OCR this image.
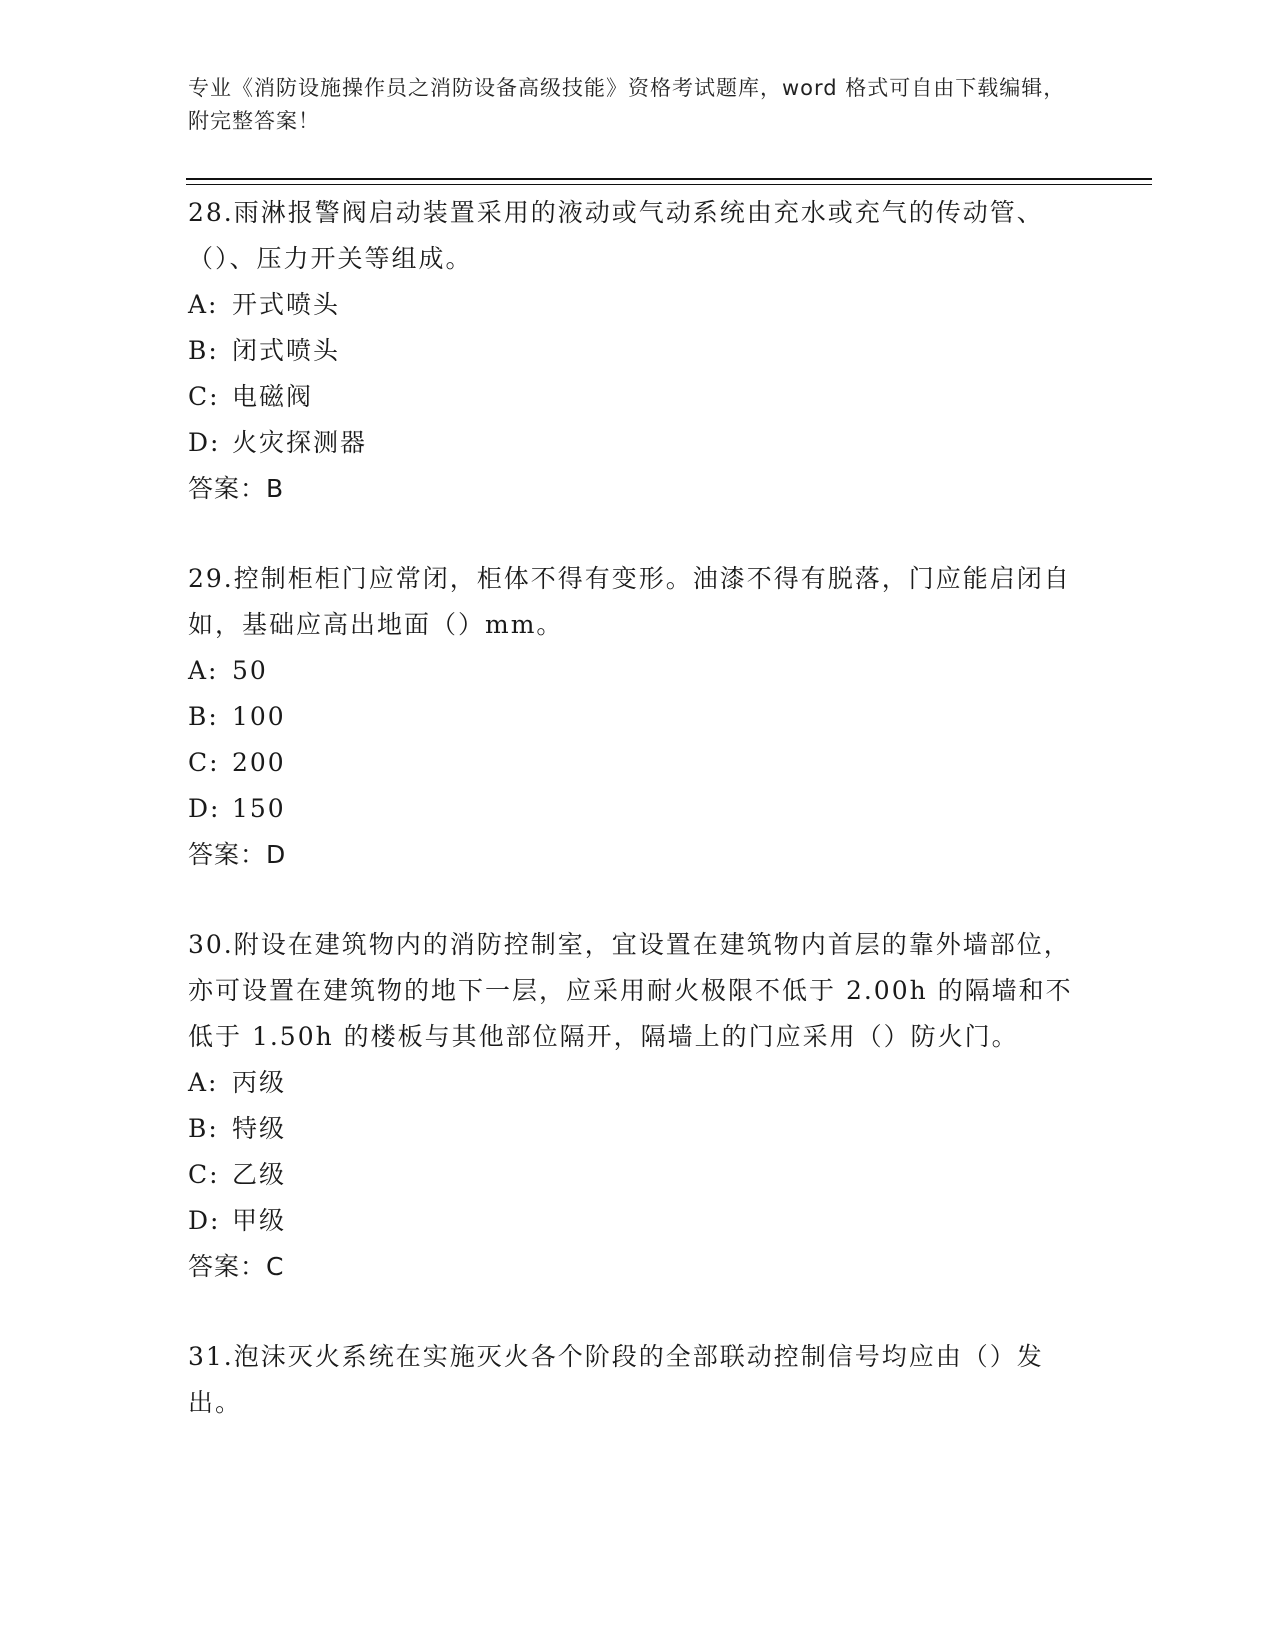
专业《消防设施操作员之消防设备高级技能》资格考试题库，word 格式可自由下载编辑，附完整答案！

28.雨淋报警阀启动装置采用的液动或气动系统由充水或充气的传动管、（）、压力开关等组成。

A: 开式喷头

B: 闭式喷头

C: 电磁阀

D: 火灾探测器

答案：B

29.控制柜柜门应常闭，柜体不得有变形。油漆不得有脱落，门应能启闭自如，基础应高出地面（）mm。

A: 50

B: 100

C: 200

D: 150

答案：D

30.附设在建筑物内的消防控制室，宜设置在建筑物内首层的靠外墙部位，亦可设置在建筑物的地下一层，应采用耐火极限不低于 2.00h 的隔墙和不低于 1.50h 的楼板与其他部位隔开，隔墙上的门应采用（）防火门。

A: 丙级

B: 特级

C: 乙级

D: 甲级

答案：C

31.泡沫灭火系统在实施灭火各个阶段的全部联动控制信号均应由（）发出。
